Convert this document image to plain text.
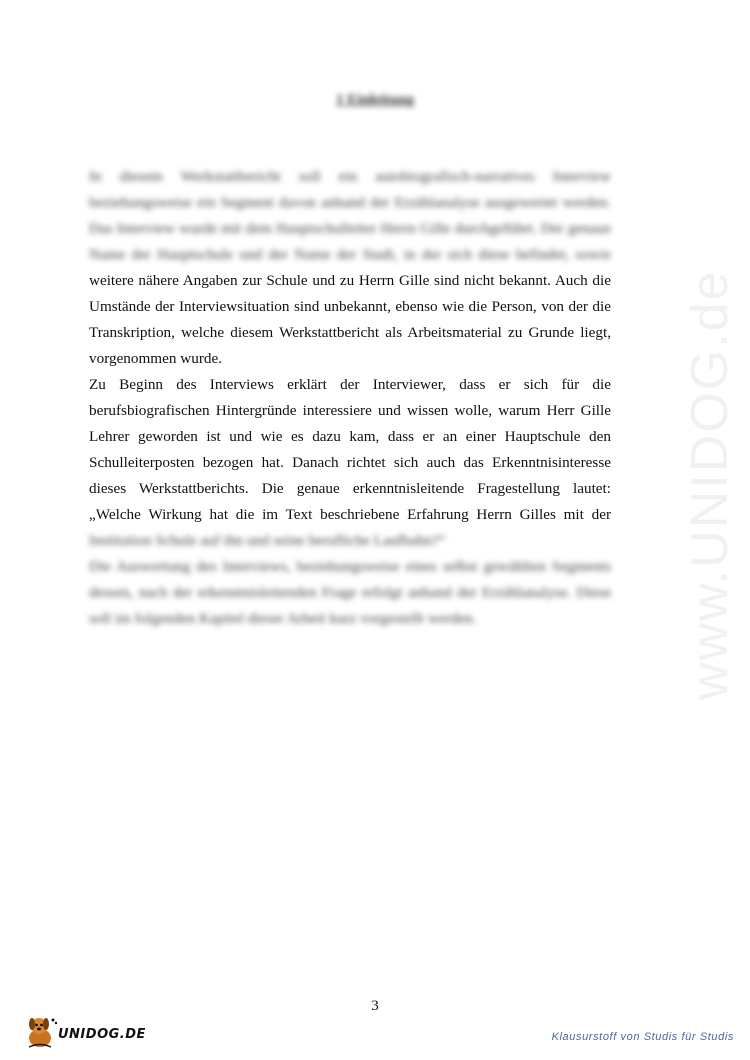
www.UNIDOG.de
1 Einleitung

In diesem Werkstattbericht soll ein autobiografisch-narratives Interview
beziehungsweise ein Segment davon anhand der Erzählanalyse ausgewertet werden.
Das Interview wurde mit dem Hauptschulleiter Herrn Gille durchgeführt. Der genaue
Name der Hauptschule und der Name der Stadt, in der sich diese befindet, sowie
weitere nähere Angaben zur Schule und zu Herrn Gille sind nicht bekannt. Auch die
Umstände der Interviewsituation sind unbekannt, ebenso wie die Person, von der die
Transkription, welche diesem Werkstattbericht als Arbeitsmaterial zu Grunde liegt,
vorgenommen wurde.

Zu Beginn des Interviews erklärt der Interviewer, dass er sich für die
berufsbiografischen Hintergründe interessiere und wissen wolle, warum Herr Gille
Lehrer geworden ist und wie es dazu kam, dass er an einer Hauptschule den
Schulleiterposten bezogen hat. Danach richtet sich auch das Erkenntnisinteresse
dieses Werkstattberichts. Die genaue erkenntnisleitende Fragestellung lautet:
„Welche Wirkung hat die im Text beschriebene Erfahrung Herrn Gilles mit der
Institution Schule auf ihn und seine berufliche Laufbahn?“

Die Auswertung des Interviews, beziehungsweise eines selbst gewählten Segments
dessen, nach der erkenntnisleitenden Frage erfolgt anhand der Erzählanalyse. Diese
soll im folgenden Kapitel dieser Arbeit kurz vorgestellt werden.

3
UNIDOG.DE	Klausurstoff von Studis für Studis
